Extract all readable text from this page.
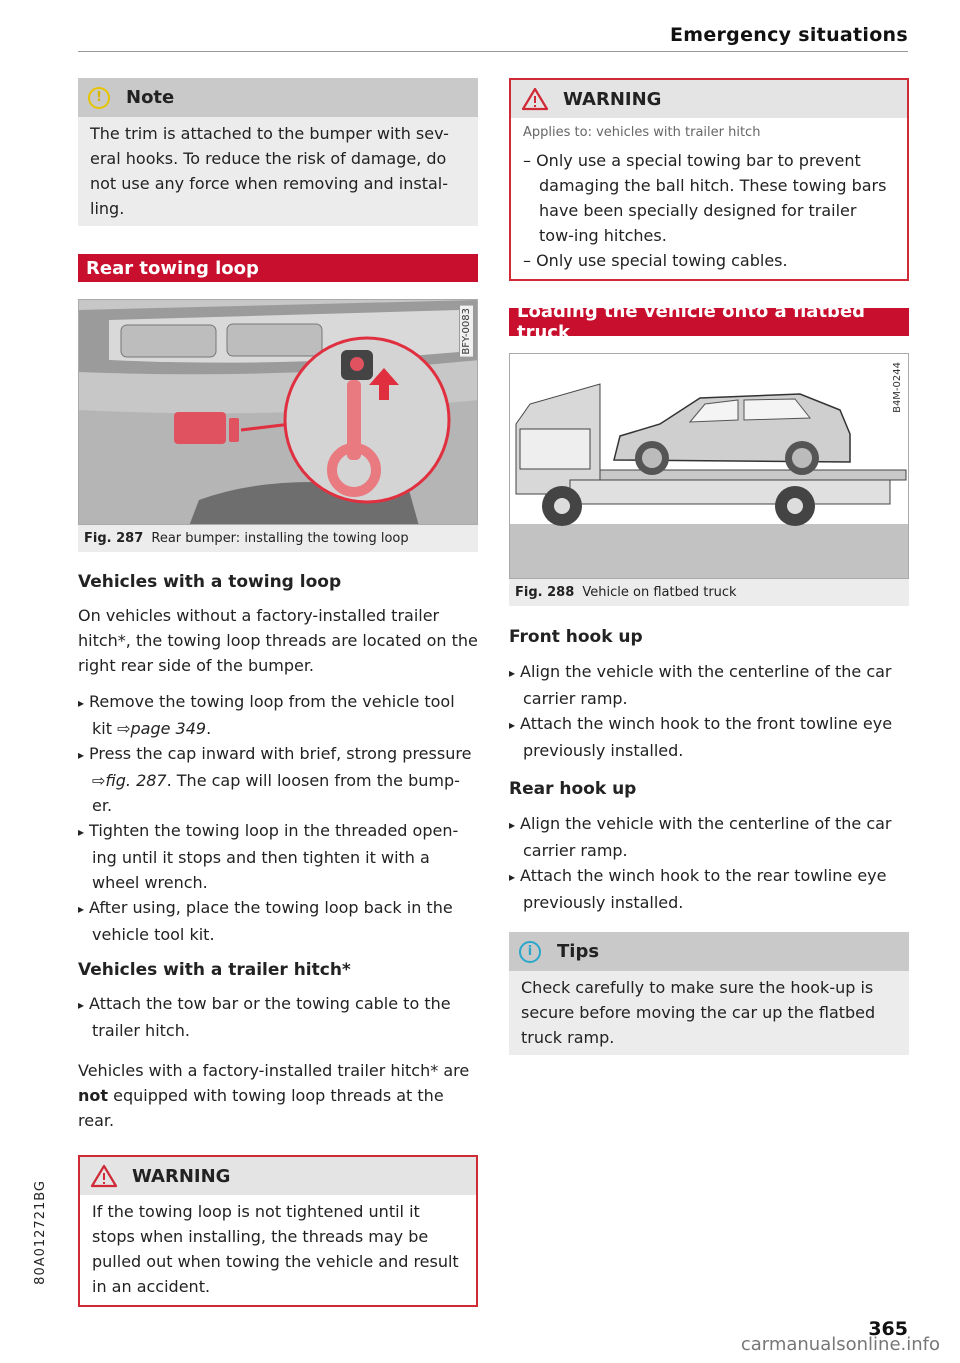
Emergency situations
!	Note

The trim is attached to the bumper with sev-eral hooks. To reduce the risk of damage, do not use any force when removing and instal-ling.

Rear towing loop
BFY-0083
Fig. 287 Rear bumper: installing the towing loop
Vehicles with a towing loop

On vehicles without a factory-installed trailer hitch*, the towing loop threads are located on the right rear side of the bumper.

▸ Remove the towing loop from the vehicle tool kit ⇨page 349.
▸ Press the cap inward with brief, strong pressure ⇨fig. 287. The cap will loosen from the bump-er.
▸ Tighten the towing loop in the threaded open-ing until it stops and then tighten it with a wheel wrench.
▸ After using, place the towing loop back in the vehicle tool kit.
Vehicles with a trailer hitch*
▸ Attach the tow bar or the towing cable to the trailer hitch.

Vehicles with a factory-installed trailer hitch* are not equipped with towing loop threads at the rear.

WARNING

If the towing loop is not tightened until it stops when installing, the threads may be pulled out when towing the vehicle and result in an accident.

WARNING
Applies to: vehicles with trailer hitch
– Only use a special towing bar to prevent damaging the ball hitch. These towing bars have been specially designed for trailer tow-ing hitches.
– Only use special towing cables.
Loading the vehicle onto a flatbed truck
B4M-0244
Fig. 288 Vehicle on flatbed truck
Front hook up
▸ Align the vehicle with the centerline of the car carrier ramp.
▸ Attach the winch hook to the front towline eye previously installed.
Rear hook up
▸ Align the vehicle with the centerline of the car carrier ramp.
▸ Attach the winch hook to the rear towline eye previously installed.
i	Tips

Check carefully to make sure the hook-up is secure before moving the car up the flatbed truck ramp.

80A012721BG
365
carmanualsonline.info
